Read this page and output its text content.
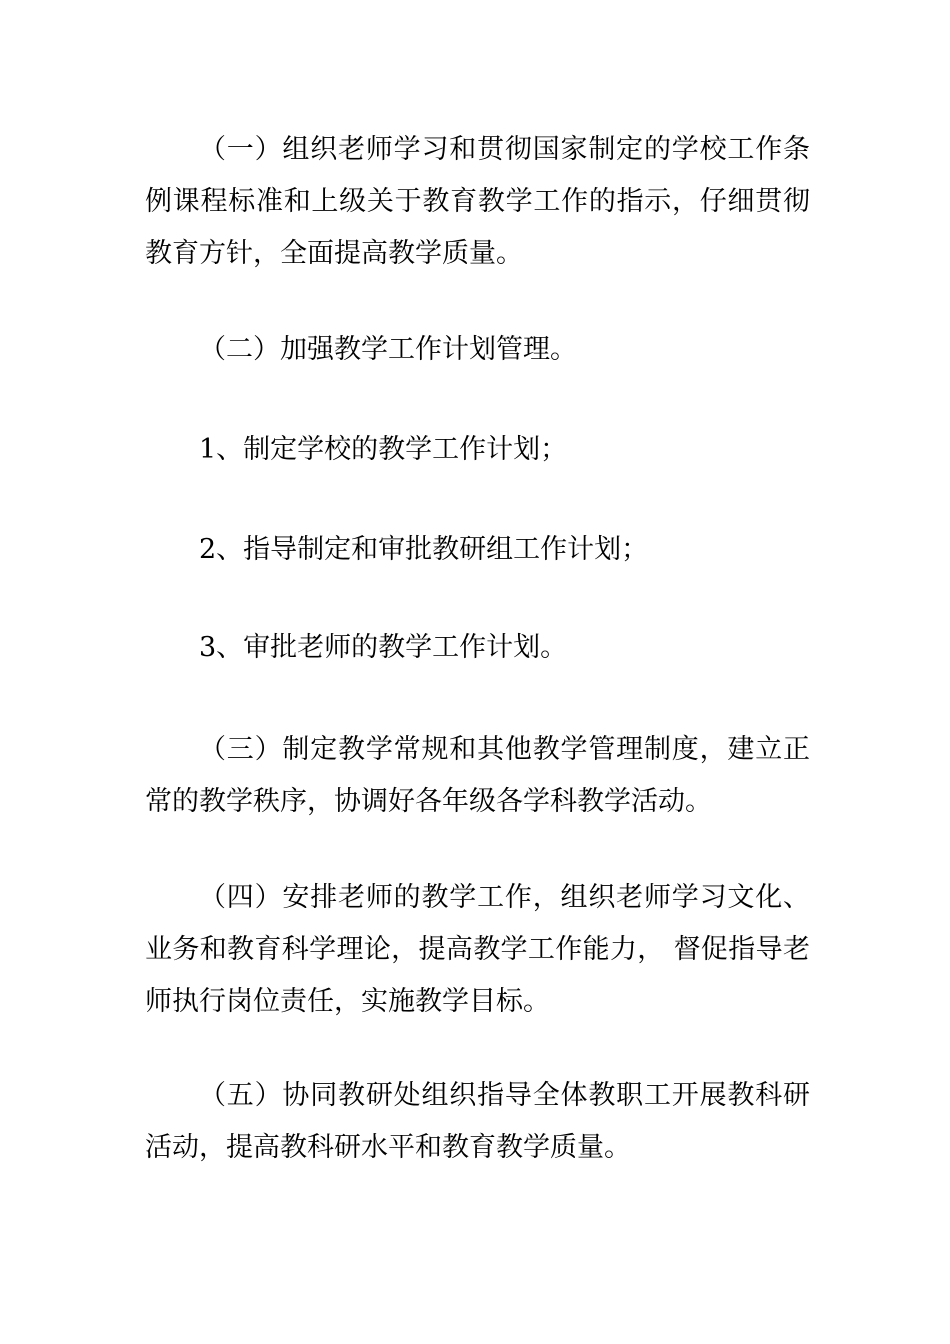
（一）组织老师学习和贯彻国家制定的学校工作条例课程标准和上级关于教育教学工作的指示，仔细贯彻教育方针，全面提高教学质量。

（二）加强教学工作计划管理。

1、制定学校的教学工作计划；

2、指导制定和审批教研组工作计划；

3、审批老师的教学工作计划。

（三）制定教学常规和其他教学管理制度，建立正常的教学秩序，协调好各年级各学科教学活动。

（四）安排老师的教学工作，组织老师学习文化、业务和教育科学理论，提高教学工作能力， 督促指导老师执行岗位责任，实施教学目标。

（五）协同教研处组织指导全体教职工开展教科研活动，提高教科研水平和教育教学质量。
